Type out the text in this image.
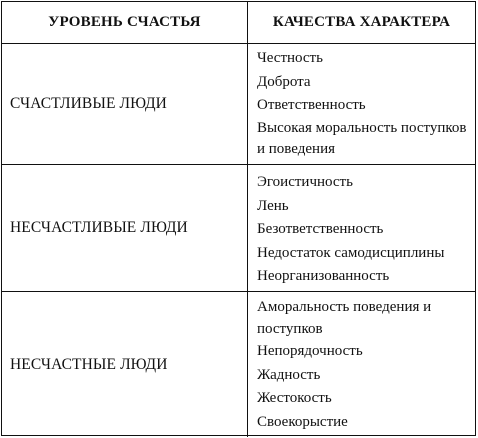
УРОВЕНЬ СЧАСТЬЯ	КАЧЕСТВА ХАРАКТЕРА
СЧАСТЛИВЫЕ ЛЮДИ
Честность
Доброта
Ответственность
Высокая моральность поступков и поведения
НЕСЧАСТЛИВЫЕ ЛЮДИ
Эгоистичность
Лень
Безответственность
Недостаток самодисциплины
Неорганизованность
НЕСЧАСТНЫЕ ЛЮДИ
Аморальность поведения и поступков
Непорядочность
Жадность
Жестокость
Своекорыстие
